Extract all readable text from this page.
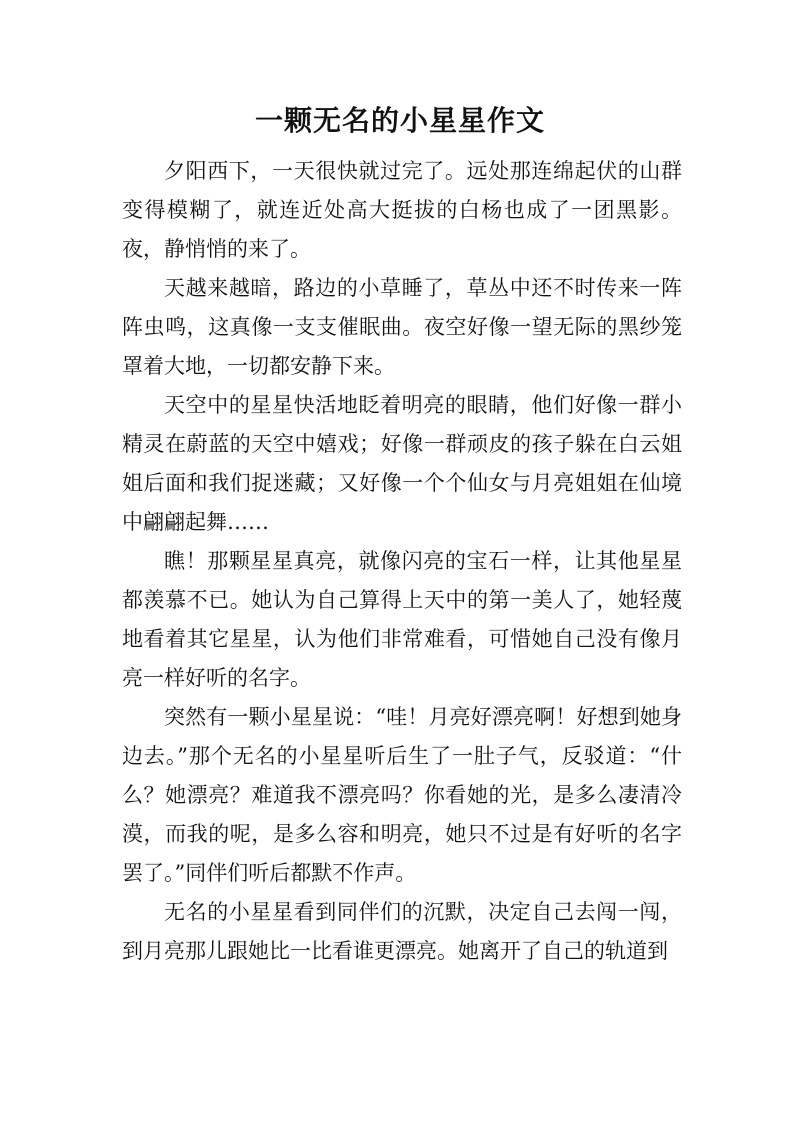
一颗无名的小星星作文

夕阳西下，一天很快就过完了。远处那连绵起伏的山群变得模糊了，就连近处高大挺拔的白杨也成了一团黑影。夜，静悄悄的来了。

天越来越暗，路边的小草睡了，草丛中还不时传来一阵阵虫鸣，这真像一支支催眠曲。夜空好像一望无际的黑纱笼罩着大地，一切都安静下来。

天空中的星星快活地眨着明亮的眼睛，他们好像一群小精灵在蔚蓝的天空中嬉戏；好像一群顽皮的孩子躲在白云姐姐后面和我们捉迷藏；又好像一个个仙女与月亮姐姐在仙境中翩翩起舞……

瞧！那颗星星真亮，就像闪亮的宝石一样，让其他星星都羡慕不已。她认为自己算得上天中的第一美人了，她轻蔑地看着其它星星，认为他们非常难看，可惜她自己没有像月亮一样好听的名字。

突然有一颗小星星说：“哇！月亮好漂亮啊！好想到她身边去。”那个无名的小星星听后生了一肚子气，反驳道：“什么？她漂亮？难道我不漂亮吗？你看她的光，是多么凄清冷漠，而我的呢，是多么容和明亮，她只不过是有好听的名字罢了。”同伴们听后都默不作声。

无名的小星星看到同伴们的沉默，决定自己去闯一闯，到月亮那儿跟她比一比看谁更漂亮。她离开了自己的轨道到
